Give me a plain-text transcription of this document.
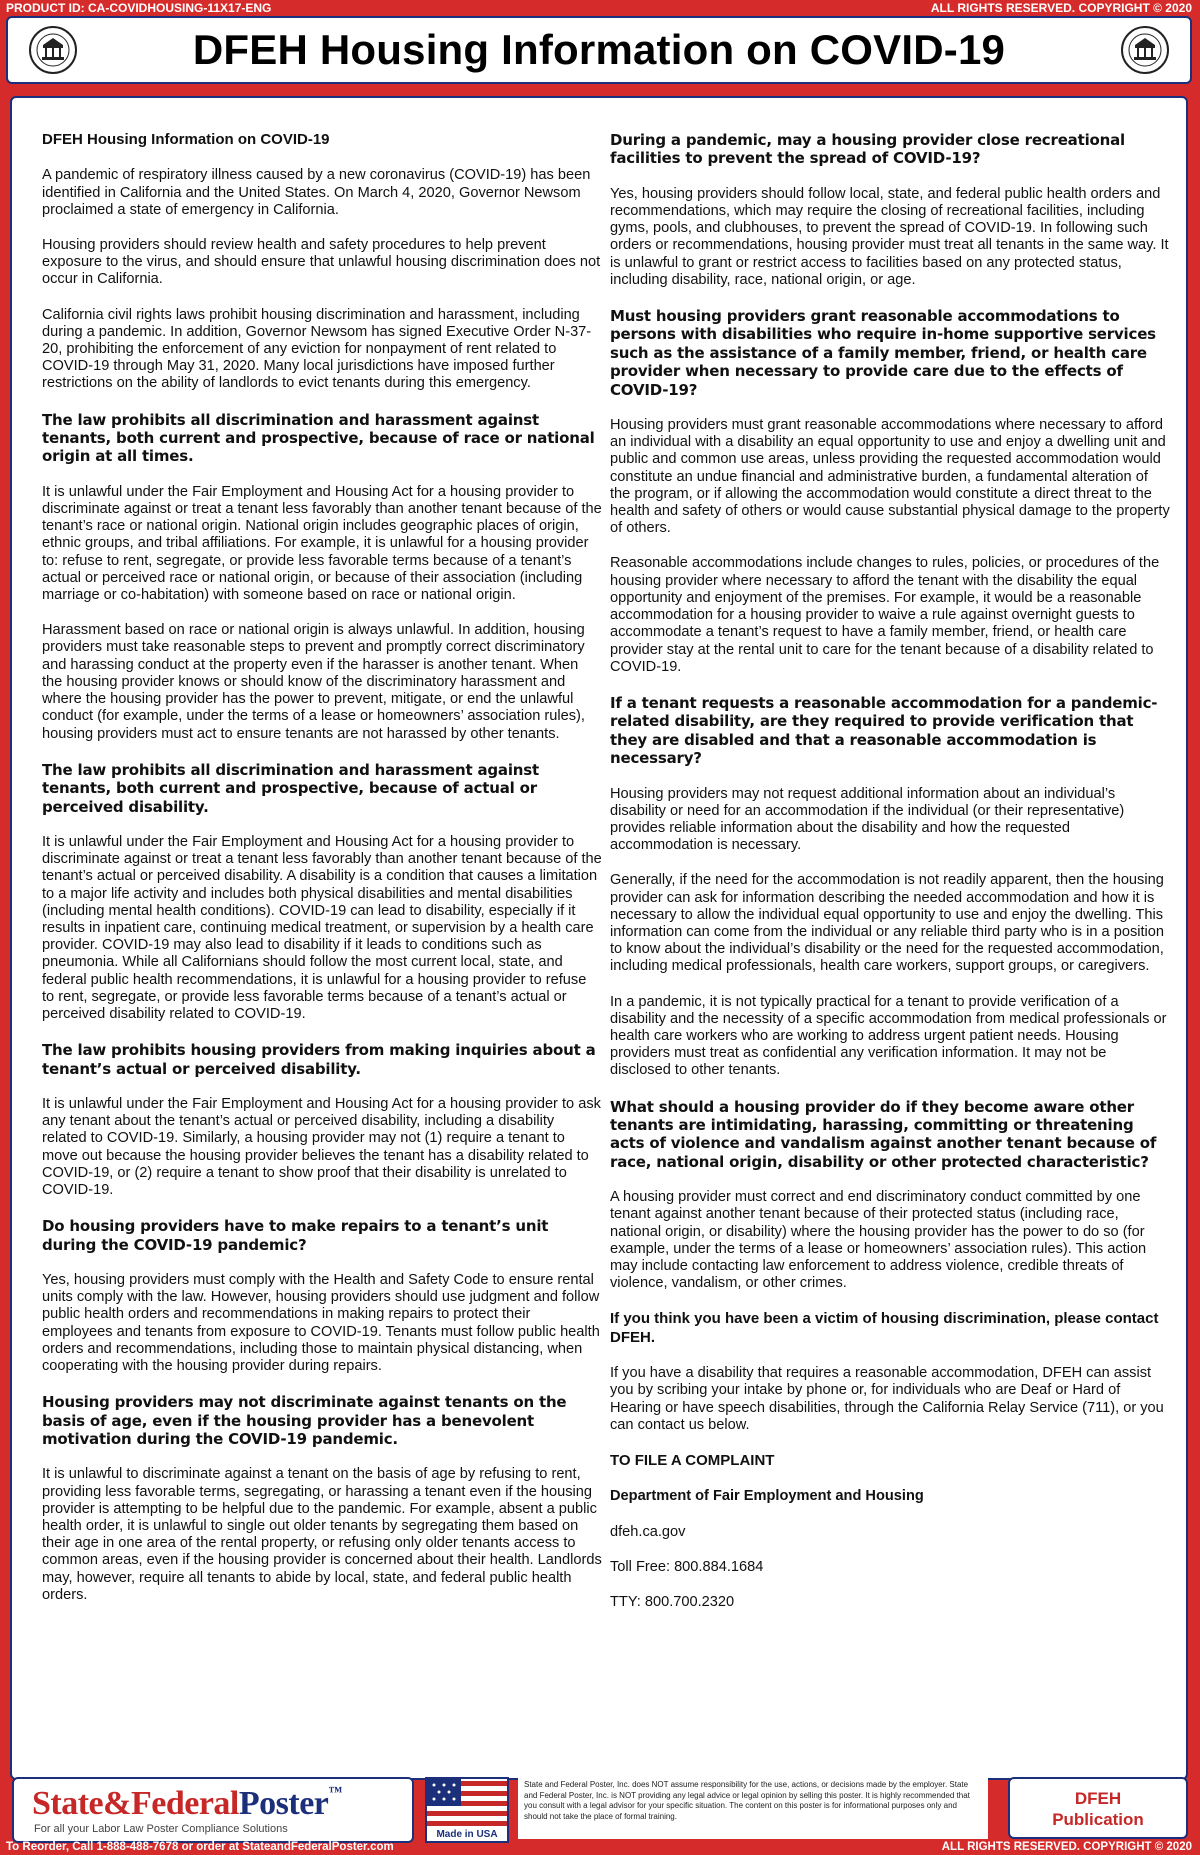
PRODUCT ID: CA-COVIDHOUSING-11X17-ENG	ALL RIGHTS RESERVED. COPYRIGHT © 2020
DFEH Housing Information on COVID-19
DFEH Housing Information on COVID-19

A pandemic of respiratory illness caused by a new coronavirus (COVID-19) has been identified in California and the United States. On March 4, 2020, Governor Newsom proclaimed a state of emergency in California.

Housing providers should review health and safety procedures to help prevent exposure to the virus, and should ensure that unlawful housing discrimination does not occur in California.

California civil rights laws prohibit housing discrimination and harassment, including during a pandemic. In addition, Governor Newsom has signed Executive Order N-37-20, prohibiting the enforcement of any eviction for nonpayment of rent related to COVID-19 through May 31, 2020. Many local jurisdictions have imposed further restrictions on the ability of landlords to evict tenants during this emergency.

The law prohibits all discrimination and harassment against tenants, both current and prospective, because of race or national origin at all times.

It is unlawful under the Fair Employment and Housing Act for a housing provider to discriminate against or treat a tenant less favorably than another tenant because of the tenant’s race or national origin. National origin includes geographic places of origin, ethnic groups, and tribal affiliations. For example, it is unlawful for a housing provider to: refuse to rent, segregate, or provide less favorable terms because of a tenant’s actual or perceived race or national origin, or because of their association (including marriage or co-habitation) with someone based on race or national origin.

Harassment based on race or national origin is always unlawful. In addition, housing providers must take reasonable steps to prevent and promptly correct discriminatory and harassing conduct at the property even if the harasser is another tenant. When the housing provider knows or should know of the discriminatory harassment and where the housing provider has the power to prevent, mitigate, or end the unlawful conduct (for example, under the terms of a lease or homeowners’ association rules), housing providers must act to ensure tenants are not harassed by other tenants.

The law prohibits all discrimination and harassment against tenants, both current and prospective, because of actual or perceived disability.

It is unlawful under the Fair Employment and Housing Act for a housing provider to discriminate against or treat a tenant less favorably than another tenant because of the tenant’s actual or perceived disability. A disability is a condition that causes a limitation to a major life activity and includes both physical disabilities and mental disabilities (including mental health conditions). COVID-19 can lead to disability, especially if it results in inpatient care, continuing medical treatment, or supervision by a health care provider. COVID-19 may also lead to disability if it leads to conditions such as pneumonia. While all Californians should follow the most current local, state, and federal public health recommendations, it is unlawful for a housing provider to refuse to rent, segregate, or provide less favorable terms because of a tenant’s actual or perceived disability related to COVID-19.

The law prohibits housing providers from making inquiries about a tenant’s actual or perceived disability.

It is unlawful under the Fair Employment and Housing Act for a housing provider to ask any tenant about the tenant’s actual or perceived disability, including a disability related to COVID-19. Similarly, a housing provider may not (1) require a tenant to move out because the housing provider believes the tenant has a disability related to COVID-19, or (2) require a tenant to show proof that their disability is unrelated to COVID-19.

Do housing providers have to make repairs to a tenant’s unit during the COVID-19 pandemic?

Yes, housing providers must comply with the Health and Safety Code to ensure rental units comply with the law. However, housing providers should use judgment and follow public health orders and recommendations in making repairs to protect their employees and tenants from exposure to COVID-19. Tenants must follow public health orders and recommendations, including those to maintain physical distancing, when cooperating with the housing provider during repairs.

Housing providers may not discriminate against tenants on the basis of age, even if the housing provider has a benevolent motivation during the COVID-19 pandemic.

It is unlawful to discriminate against a tenant on the basis of age by refusing to rent, providing less favorable terms, segregating, or harassing a tenant even if the housing provider is attempting to be helpful due to the pandemic. For example, absent a public health order, it is unlawful to single out older tenants by segregating them based on their age in one area of the rental property, or refusing only older tenants access to common areas, even if the housing provider is concerned about their health. Landlords may, however, require all tenants to abide by local, state, and federal public health orders.

During a pandemic, may a housing provider close recreational facilities to prevent the spread of COVID-19?

Yes, housing providers should follow local, state, and federal public health orders and recommendations, which may require the closing of recreational facilities, including gyms, pools, and clubhouses, to prevent the spread of COVID-19. In following such orders or recommendations, housing provider must treat all tenants in the same way. It is unlawful to grant or restrict access to facilities based on any protected status, including disability, race, national origin, or age.

Must housing providers grant reasonable accommodations to persons with disabilities who require in-home supportive services such as the assistance of a family member, friend, or health care provider when necessary to provide care due to the effects of COVID-19?

Housing providers must grant reasonable accommodations where necessary to afford an individual with a disability an equal opportunity to use and enjoy a dwelling unit and public and common use areas, unless providing the requested accommodation would constitute an undue financial and administrative burden, a fundamental alteration of the program, or if allowing the accommodation would constitute a direct threat to the health and safety of others or would cause substantial physical damage to the property of others.

Reasonable accommodations include changes to rules, policies, or procedures of the housing provider where necessary to afford the tenant with the disability the equal opportunity and enjoyment of the premises. For example, it would be a reasonable accommodation for a housing provider to waive a rule against overnight guests to accommodate a tenant’s request to have a family member, friend, or health care provider stay at the rental unit to care for the tenant because of a disability related to COVID-19.

If a tenant requests a reasonable accommodation for a pandemic-related disability, are they required to provide verification that they are disabled and that a reasonable accommodation is necessary?

Housing providers may not request additional information about an individual’s disability or need for an accommodation if the individual (or their representative) provides reliable information about the disability and how the requested accommodation is necessary.

Generally, if the need for the accommodation is not readily apparent, then the housing provider can ask for information describing the needed accommodation and how it is necessary to allow the individual equal opportunity to use and enjoy the dwelling. This information can come from the individual or any reliable third party who is in a position to know about the individual’s disability or the need for the requested accommodation, including medical professionals, health care workers, support groups, or caregivers.

In a pandemic, it is not typically practical for a tenant to provide verification of a disability and the necessity of a specific accommodation from medical professionals or health care workers who are working to address urgent patient needs. Housing providers must treat as confidential any verification information. It may not be disclosed to other tenants.

What should a housing provider do if they become aware other tenants are intimidating, harassing, committing or threatening acts of violence and vandalism against another tenant because of race, national origin, disability or other protected characteristic?

A housing provider must correct and end discriminatory conduct committed by one tenant against another tenant because of their protected status (including race, national origin, or disability) where the housing provider has the power to do so (for example, under the terms of a lease or homeowners’ association rules). This action may include contacting law enforcement to address violence, credible threats of violence, vandalism, or other crimes.

If you think you have been a victim of housing discrimination, please contact DFEH.

If you have a disability that requires a reasonable accommodation, DFEH can assist you by scribing your intake by phone or, for individuals who are Deaf or Hard of Hearing or have speech disabilities, through the California Relay Service (711), or you can contact us below.

TO FILE A COMPLAINT

Department of Fair Employment and Housing

dfeh.ca.gov

Toll Free: 800.884.1684

TTY: 800.700.2320

State&FederalPoster™
For all your Labor Law Poster Compliance Solutions	Made in USA
State and Federal Poster, Inc. does NOT assume responsibility for the use, actions, or decisions made by the employer. State and Federal Poster, Inc. is NOT providing any legal advice or legal opinion by selling this poster. It is highly recommended that you consult with a legal advisor for your specific situation. The content on this poster is for informational purposes only and should not take the place of formal training.
DFEH
Publication
To Reorder, Call 1-888-488-7678 or order at StateandFederalPoster.com	ALL RIGHTS RESERVED. COPYRIGHT © 2020
